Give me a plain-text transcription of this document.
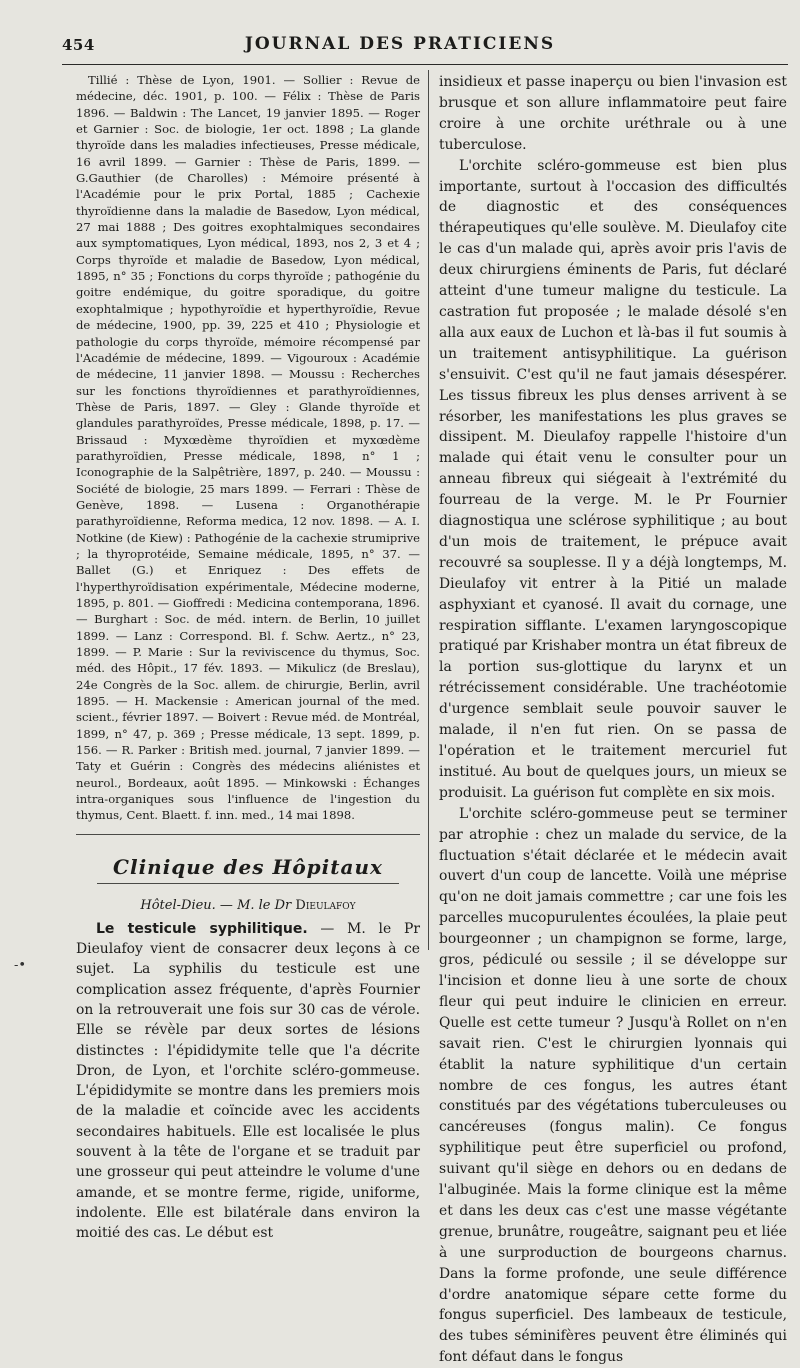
454	JOURNAL DES PRATICIENS

Tillié : Thèse de Lyon, 1901. — Sollier : Revue de médecine, déc. 1901, p. 100. — Félix : Thèse de Paris 1896. — Baldwin : The Lancet, 19 janvier 1895. — Roger et Garnier : Soc. de biologie, 1er oct. 1898 ; La glande thyroïde dans les maladies infectieuses, Presse médicale, 16 avril 1899. — Garnier : Thèse de Paris, 1899. — G.Gauthier (de Charolles) : Mémoire présenté à l'Académie pour le prix Portal, 1885 ; Cachexie thyroïdienne dans la maladie de Basedow, Lyon médical, 27 mai 1888 ; Des goitres exophtalmiques secondaires aux symptomatiques, Lyon médical, 1893, nos 2, 3 et 4 ; Corps thyroïde et maladie de Basedow, Lyon médical, 1895, n° 35 ; Fonctions du corps thyroïde ; pathogénie du goitre endémique, du goitre sporadique, du goitre exophtalmique ; hypothyroïdie et hyperthyroïdie, Revue de médecine, 1900, pp. 39, 225 et 410 ; Physiologie et pathologie du corps thyroïde, mémoire récompensé par l'Académie de médecine, 1899. — Vigouroux : Académie de médecine, 11 janvier 1898. — Moussu : Recherches sur les fonctions thyroïdiennes et parathyroïdiennes, Thèse de Paris, 1897. — Gley : Glande thyroïde et glandules parathyroïdes, Presse médicale, 1898, p. 17. — Brissaud : Myxœdème thyroïdien et myxœdème parathyroïdien, Presse médicale, 1898, n° 1 ; Iconographie de la Salpêtrière, 1897, p. 240. — Moussu : Société de biologie, 25 mars 1899. — Ferrari : Thèse de Genève, 1898. — Lusena : Organothérapie parathyroïdienne, Reforma medica, 12 nov. 1898. — A. I. Notkine (de Kiew) : Pathogénie de la cachexie strumiprive ; la thyroprotéide, Semaine médicale, 1895, n° 37. — Ballet (G.) et Enriquez : Des effets de l'hyperthyroïdisation expérimentale, Médecine moderne, 1895, p. 801. — Gioffredi : Medicina contemporana, 1896. — Burghart : Soc. de méd. intern. de Berlin, 10 juillet 1899. — Lanz : Correspond. Bl. f. Schw. Aertz., n° 23, 1899. — P. Marie : Sur la reviviscence du thymus, Soc. méd. des Hôpit., 17 fév. 1893. — Mikulicz (de Breslau), 24e Congrès de la Soc. allem. de chirurgie, Berlin, avril 1895. — H. Mackensie : American journal of the med. scient., février 1897. — Boivert : Revue méd. de Montréal, 1899, n° 47, p. 369 ; Presse médicale, 13 sept. 1899, p. 156. — R. Parker : British med. journal, 7 janvier 1899. — Taty et Guérin : Congrès des médecins aliénistes et neurol., Bordeaux, août 1895. — Minkowski : Échanges intra-organiques sous l'influence de l'ingestion du thymus, Cent. Blaett. f. inn. med., 14 mai 1898.

Clinique des Hôpitaux
Hôtel-Dieu. — M. le Dr Dieulafoy

Le testicule syphilitique. — M. le Pr Dieulafoy vient de consacrer deux leçons à ce sujet. La syphilis du testicule est une complication assez fréquente, d'après Fournier on la retrouverait une fois sur 30 cas de vérole. Elle se révèle par deux sortes de lésions distinctes : l'épididymite telle que l'a décrite Dron, de Lyon, et l'orchite scléro-gommeuse. L'épididymite se montre dans les premiers mois de la maladie et coïncide avec les accidents secondaires habituels. Elle est localisée le plus souvent à la tête de l'organe et se traduit par une grosseur qui peut atteindre le volume d'une amande, et se montre ferme, rigide, uniforme, indolente. Elle est bilatérale dans environ la moitié des cas. Le début est

insidieux et passe inaperçu ou bien l'invasion est brusque et son allure inflammatoire peut faire croire à une orchite uréthrale ou à une tuberculose.

L'orchite scléro-gommeuse est bien plus importante, surtout à l'occasion des difficultés de diagnostic et des conséquences thérapeutiques qu'elle soulève. M. Dieulafoy cite le cas d'un malade qui, après avoir pris l'avis de deux chirurgiens éminents de Paris, fut déclaré atteint d'une tumeur maligne du testicule. La castration fut proposée ; le malade désolé s'en alla aux eaux de Luchon et là-bas il fut soumis à un traitement antisyphilitique. La guérison s'ensuivit. C'est qu'il ne faut jamais désespérer. Les tissus fibreux les plus denses arrivent à se résorber, les manifestations les plus graves se dissipent. M. Dieulafoy rappelle l'histoire d'un malade qui était venu le consulter pour un anneau fibreux qui siégeait à l'extrémité du fourreau de la verge. M. le Pr Fournier diagnostiqua une sclérose syphilitique ; au bout d'un mois de traitement, le prépuce avait recouvré sa souplesse. Il y a déjà longtemps, M. Dieulafoy vit entrer à la Pitié un malade asphyxiant et cyanosé. Il avait du cornage, une respiration sifflante. L'examen laryngoscopique pratiqué par Krishaber montra un état fibreux de la portion sus-glottique du larynx et un rétrécissement considérable. Une trachéotomie d'urgence semblait seule pouvoir sauver le malade, il n'en fut rien. On se passa de l'opération et le traitement mercuriel fut institué. Au bout de quelques jours, un mieux se produisit. La guérison fut complète en six mois.

L'orchite scléro-gommeuse peut se terminer par atrophie : chez un malade du service, de la fluctuation s'était déclarée et le médecin avait ouvert d'un coup de lancette. Voilà une méprise qu'on ne doit jamais commettre ; car une fois les parcelles mucopurulentes écoulées, la plaie peut bourgeonner ; un champignon se forme, large, gros, pédiculé ou sessile ; il se développe sur l'incision et donne lieu à une sorte de choux fleur qui peut induire le clinicien en erreur. Quelle est cette tumeur ? Jusqu'à Rollet on n'en savait rien. C'est le chirurgien lyonnais qui établit la nature syphilitique d'un certain nombre de ces fongus, les autres étant constitués par des végétations tuberculeuses ou cancéreuses (fongus malin). Ce fongus syphilitique peut être superficiel ou profond, suivant qu'il siège en dehors ou en dedans de l'albuginée. Mais la forme clinique est la même et dans les deux cas c'est une masse végétante grenue, brunâtre, rougeâtre, saignant peu et liée à une surproduction de bourgeons charnus. Dans la forme profonde, une seule différence d'ordre anatomique sépare cette forme du fongus superficiel. Des lambeaux de testicule, des tubes séminifères peuvent être éliminés qui font défaut dans le fongus

-•
